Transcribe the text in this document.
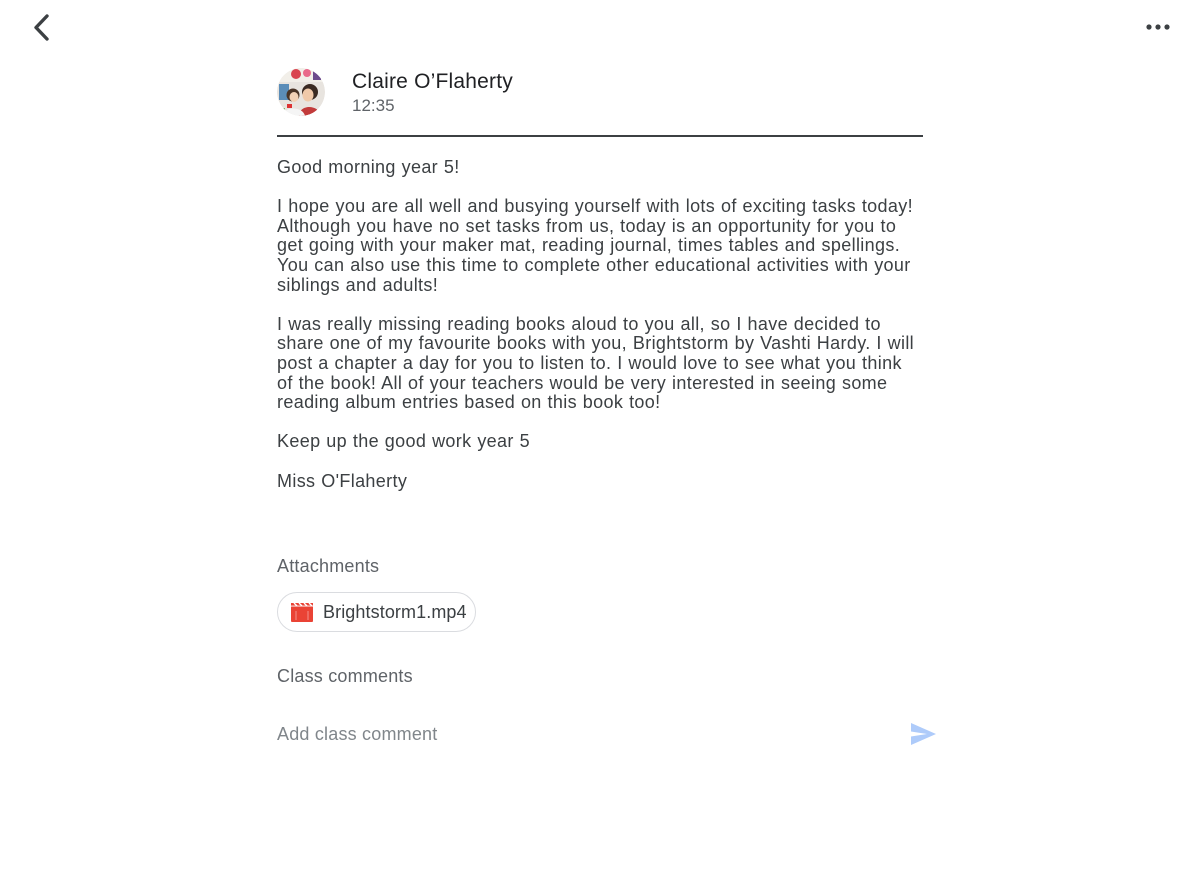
Claire O’Flaherty
12:35

Good morning year 5!

I hope you are all well and busying yourself with lots of exciting tasks today! Although you have no set tasks from us, today is an opportunity for you to get going with your maker mat, reading journal, times tables and spellings. You can also use this time to complete other educational activities with your siblings and adults!

I was really missing reading books aloud to you all, so I have decided to share one of my favourite books with you, Brightstorm by Vashti Hardy. I will post a chapter a day for you to listen to. I would love to see what you think of the book! All of your teachers would be very interested in seeing some reading album entries based on this book too!

Keep up the good work year 5

Miss O'Flaherty

Attachments
Brightstorm1.mp4
Class comments
Add class comment
